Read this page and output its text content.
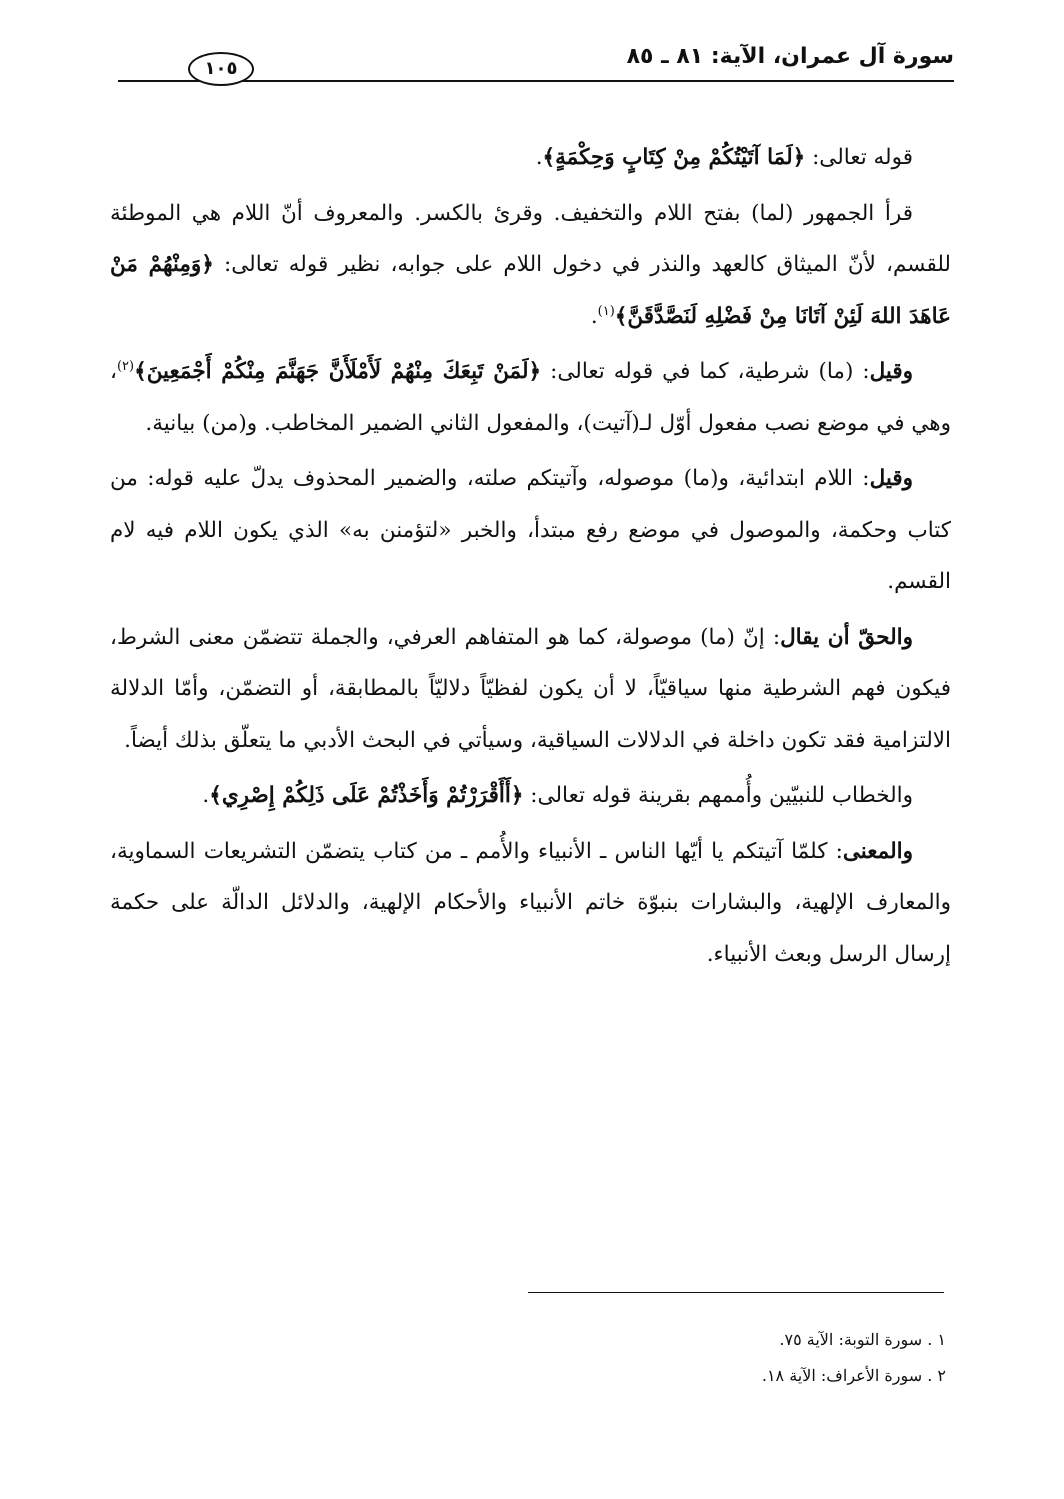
سورة آل عمران، الآية: ٨١ ـ ٨٥
١٠٥

قوله تعالى: ﴿لَمَا آتَيْتُكُمْ مِنْ كِتَابٍ وَحِكْمَةٍ﴾.

قرأ الجمهور (لما) بفتح اللام والتخفيف. وقرئ بالكسر. والمعروف أنّ اللام هي الموطئة للقسم، لأنّ الميثاق كالعهد والنذر في دخول اللام على جوابه، نظير قوله تعالى: ﴿وَمِنْهُمْ مَنْ عَاهَدَ اللهَ لَئِنْ آتَانَا مِنْ فَضْلِهِ لَنَصَّدَّقَنَّ﴾$^{(١)}$.

وقيل: (ما) شرطية، كما في قوله تعالى: ﴿لَمَنْ تَبِعَكَ مِنْهُمْ لَأَمْلَأَنَّ جَهَنَّمَ مِنْكُمْ أَجْمَعِينَ﴾$^{(٢)}$، وهي في موضع نصب مفعول أوّل لـ(آتيت)، والمفعول الثاني الضمير المخاطب. و(من) بيانية.

وقيل: اللام ابتدائية، و(ما) موصوله، وآتيتكم صلته، والضمير المحذوف يدلّ عليه قوله: من كتاب وحكمة، والموصول في موضع رفع مبتدأ، والخبر «لتؤمنن به» الذي يكون اللام فيه لام القسم.

والحقّ أن يقال: إنّ (ما) موصولة، كما هو المتفاهم العرفي، والجملة تتضمّن معنى الشرط، فيكون فهم الشرطية منها سياقيّاً، لا أن يكون لفظيّاً دلاليّاً بالمطابقة، أو التضمّن، وأمّا الدلالة الالتزامية فقد تكون داخلة في الدلالات السياقية، وسيأتي في البحث الأدبي ما يتعلّق بذلك أيضاً.

والخطاب للنبيّين وأُممهم بقرينة قوله تعالى: ﴿أَأَقْرَرْتُمْ وَأَخَذْتُمْ عَلَى ذَلِكُمْ إِصْرِي﴾.

والمعنى: كلمّا آتيتكم يا أيّها الناس ـ الأنبياء والأُمم ـ من كتاب يتضمّن التشريعات السماوية، والمعارف الإلهية، والبشارات بنبوّة خاتم الأنبياء والأحكام الإلهية، والدلائل الدالّة على حكمة إرسال الرسل وبعث الأنبياء.

١ . سورة التوبة: الآية ٧٥.

٢ . سورة الأعراف: الآية ١٨.
